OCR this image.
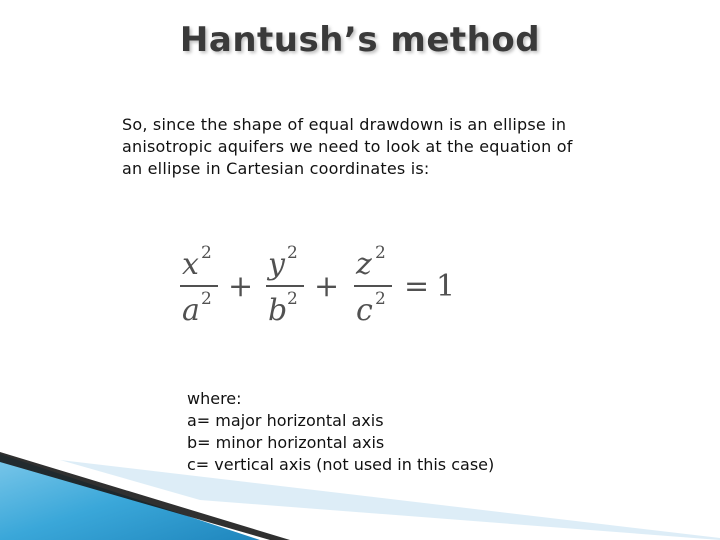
Hantush’s method
So, since the shape of equal drawdown is an ellipse in
anisotropic aquifers we need to look at the equation of
an ellipse in Cartesian coordinates is:
x 2
a 2 +
y 2
b 2 +
z 2
c 2 = 1
where:
a= major horizontal axis
b= minor horizontal axis
c= vertical axis (not used in this case)
